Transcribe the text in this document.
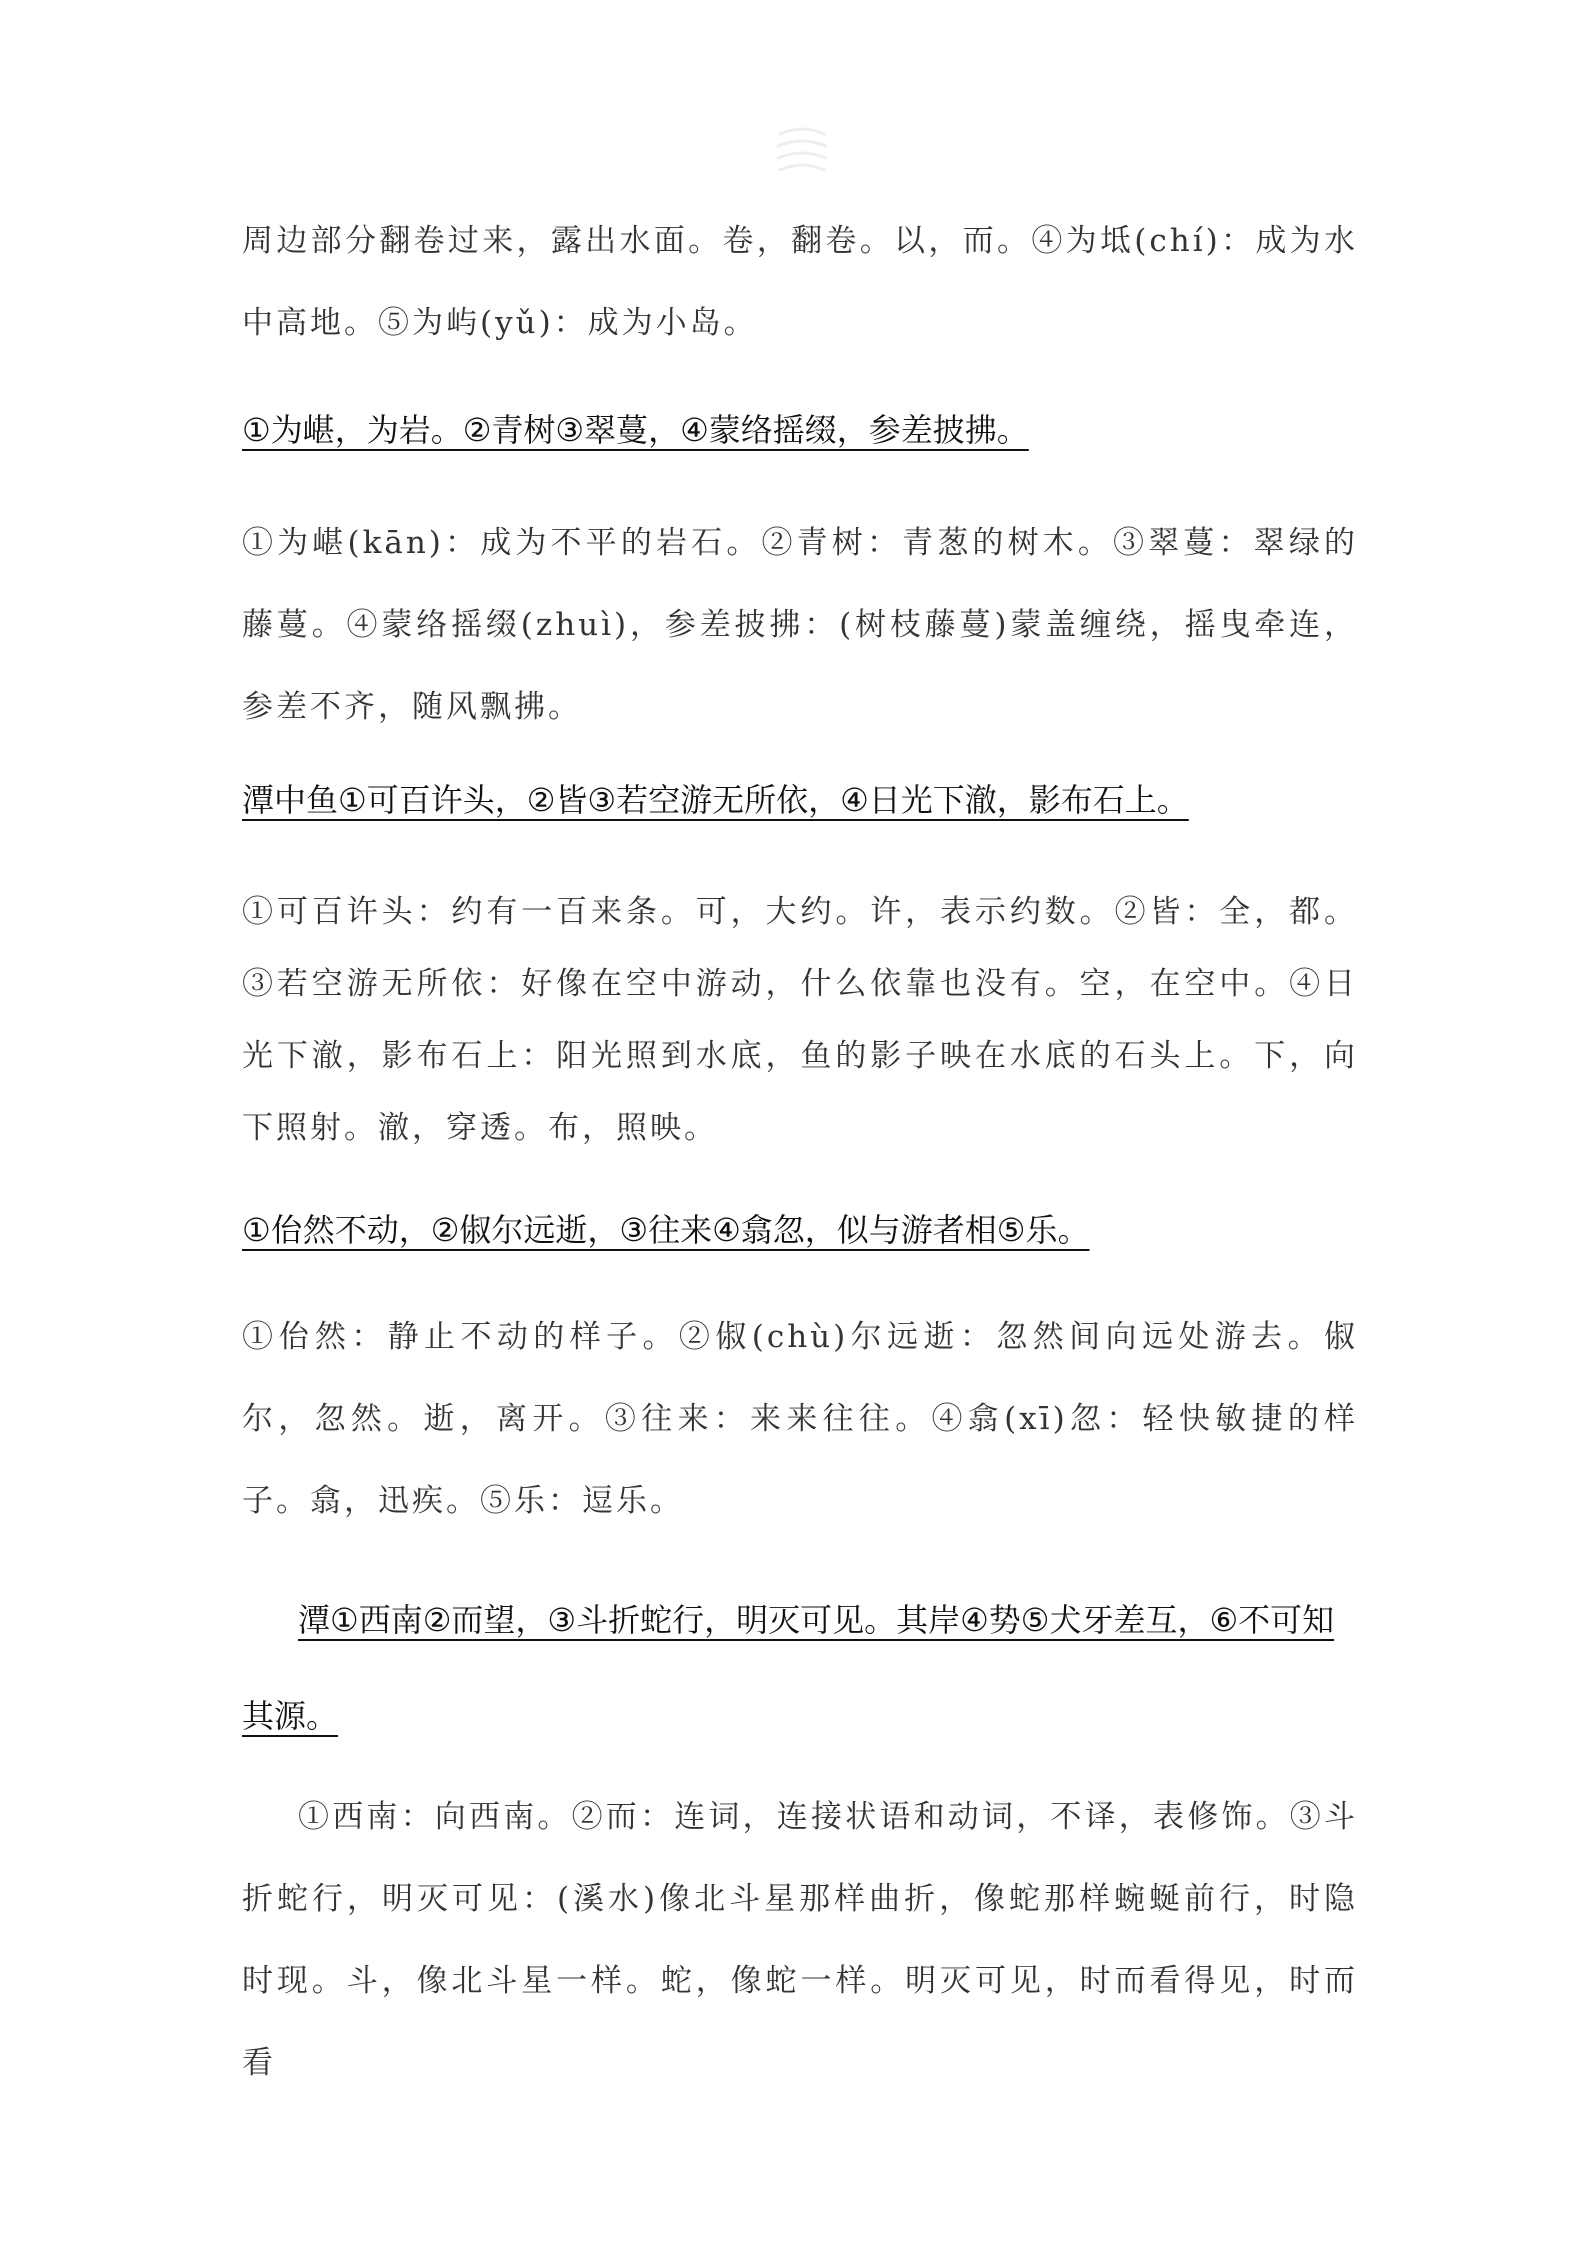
周边部分翻卷过来，露出水面。卷，翻卷。以，而。④为坻(chí)：成为水中高地。⑤为屿(yǔ)：成为小岛。

①为嵁，为岩。②青树③翠蔓，④蒙络摇缀，参差披拂。

①为嵁(kān)：成为不平的岩石。②青树：青葱的树木。③翠蔓：翠绿的藤蔓。④蒙络摇缀(zhuì)，参差披拂：(树枝藤蔓)蒙盖缠绕，摇曳牵连，参差不齐，随风飘拂。

潭中鱼①可百许头，②皆③若空游无所依，④日光下澈，影布石上。

①可百许头：约有一百来条。可，大约。许，表示约数。②皆：全，都。③若空游无所依：好像在空中游动，什么依靠也没有。空，在空中。④日光下澈，影布石上：阳光照到水底，鱼的影子映在水底的石头上。下，向下照射。澈，穿透。布，照映。

①佁然不动，②俶尔远逝，③往来④翕忽，似与游者相⑤乐。

①佁然：静止不动的样子。②俶(chù)尔远逝：忽然间向远处游去。俶尔，忽然。逝，离开。③往来：来来往往。④翕(xī)忽：轻快敏捷的样子。翕，迅疾。⑤乐：逗乐。

潭①西南②而望，③斗折蛇行，明灭可见。其岸④势⑤犬牙差互，⑥不可知其源。

①西南：向西南。②而：连词，连接状语和动词，不译，表修饰。③斗折蛇行，明灭可见：(溪水)像北斗星那样曲折，像蛇那样蜿蜒前行，时隐时现。斗，像北斗星一样。蛇，像蛇一样。明灭可见，时而看得见，时而看
